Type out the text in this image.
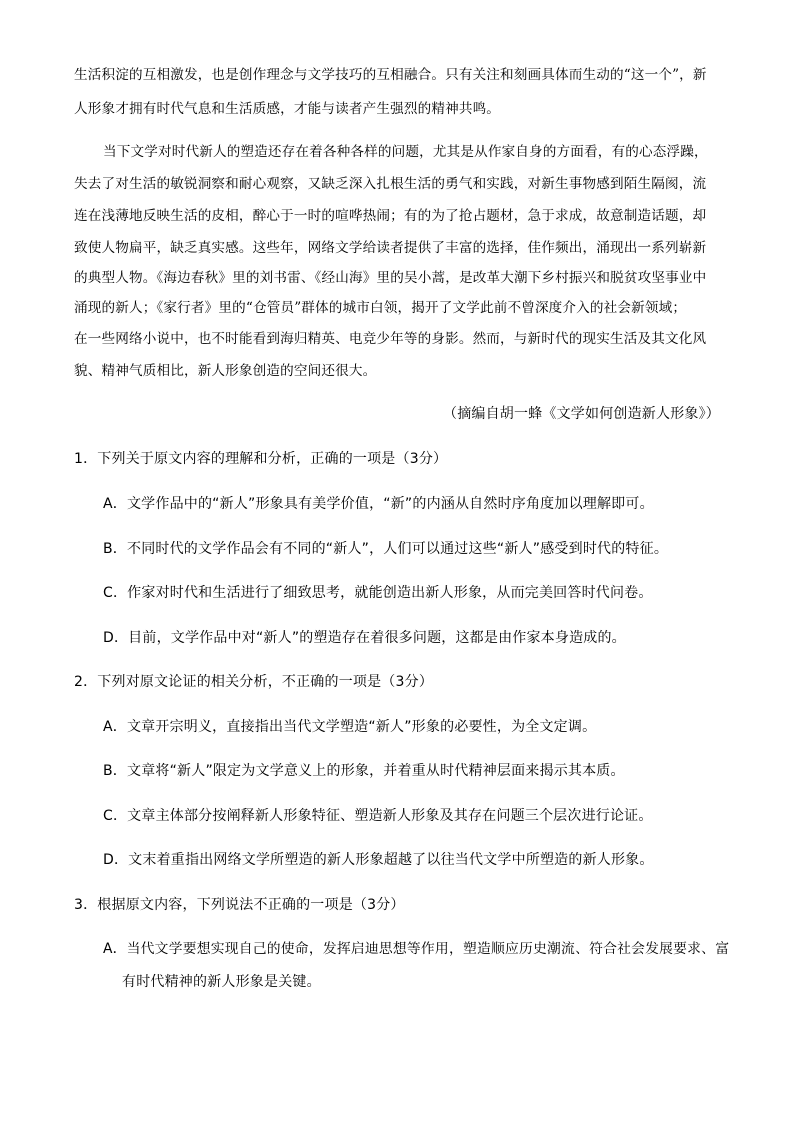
生活积淀的互相激发，也是创作理念与文学技巧的互相融合。只有关注和刻画具体而生动的“这一个”，新
人形象才拥有时代气息和生活质感，才能与读者产生强烈的精神共鸣。
当下文学对时代新人的塑造还存在着各种各样的问题，尤其是从作家自身的方面看，有的心态浮躁，
失去了对生活的敏锐洞察和耐心观察，又缺乏深入扎根生活的勇气和实践，对新生事物感到陌生隔阂，流
连在浅薄地反映生活的皮相，醉心于一时的喧哗热闹；有的为了抢占题材，急于求成，故意制造话题，却
致使人物扁平，缺乏真实感。这些年，网络文学给读者提供了丰富的选择，佳作频出，涌现出一系列崭新
的典型人物。《海边春秋》里的刘书雷、《经山海》里的吴小蒿，是改革大潮下乡村振兴和脱贫攻坚事业中
涌现的新人；《家行者》里的“仓管员”群体的城市白领，揭开了文学此前不曾深度介入的社会新领域；
在一些网络小说中，也不时能看到海归精英、电竞少年等的身影。然而，与新时代的现实生活及其文化风
貌、精神气质相比，新人形象创造的空间还很大。
（摘编自胡一蜂《文学如何创造新人形象》）
1．下列关于原文内容的理解和分析，正确的一项是（3分）
A．文学作品中的“新人”形象具有美学价值，“新”的内涵从自然时序角度加以理解即可。
B．不同时代的文学作品会有不同的“新人”，人们可以通过这些“新人”感受到时代的特征。
C．作家对时代和生活进行了细致思考，就能创造出新人形象，从而完美回答时代问卷。
D．目前，文学作品中对“新人”的塑造存在着很多问题，这都是由作家本身造成的。
2．下列对原文论证的相关分析，不正确的一项是（3分）
A．文章开宗明义，直接指出当代文学塑造“新人”形象的必要性，为全文定调。
B．文章将“新人”限定为文学意义上的形象，并着重从时代精神层面来揭示其本质。
C．文章主体部分按阐释新人形象特征、塑造新人形象及其存在问题三个层次进行论证。
D．文末着重指出网络文学所塑造的新人形象超越了以往当代文学中所塑造的新人形象。
3．根据原文内容，下列说法不正确的一项是（3分）
A．当代文学要想实现自己的使命，发挥启迪思想等作用，塑造顺应历史潮流、符合社会发展要求、富
有时代精神的新人形象是关键。
